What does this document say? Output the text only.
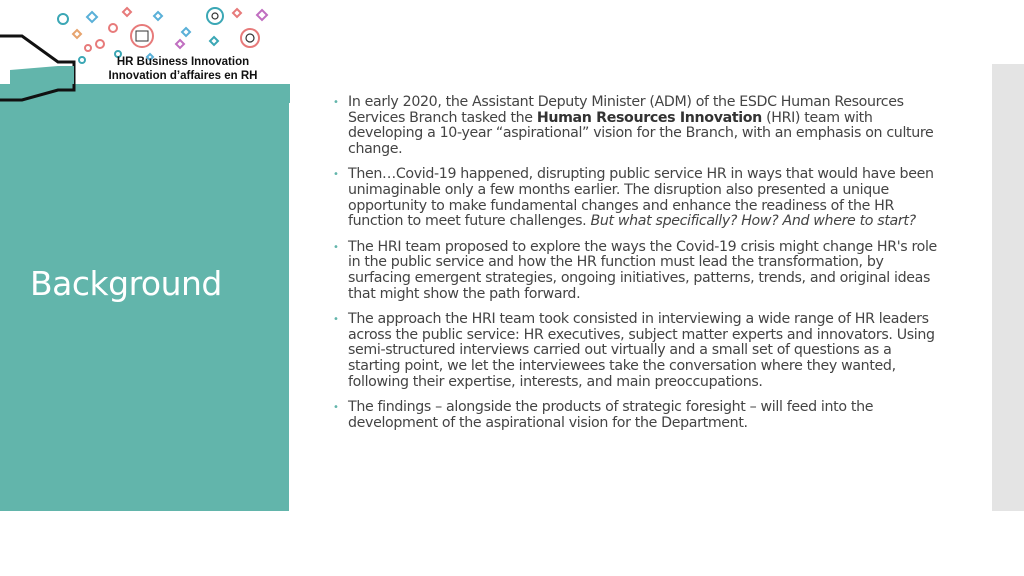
HR Business Innovation
Innovation d’affaires en RH
Background
• In early 2020, the Assistant Deputy Minister (ADM) of the ESDC Human Resources Services Branch tasked the Human Resources Innovation (HRI) team with developing a 10-year “aspirational” vision for the Branch, with an emphasis on culture change.
• Then…Covid-19 happened, disrupting public service HR in ways that would have been unimaginable only a few months earlier. The disruption also presented a unique opportunity to make fundamental changes and enhance the readiness of the HR function to meet future challenges. But what specifically? How? And where to start?
• The HRI team proposed to explore the ways the Covid-19 crisis might change HR's role in the public service and how the HR function must lead the transformation, by surfacing emergent strategies, ongoing initiatives, patterns, trends, and original ideas that might show the path forward.
• The approach the HRI team took consisted in interviewing a wide range of HR leaders across the public service: HR executives, subject matter experts and innovators. Using semi-structured interviews carried out virtually and a small set of questions as a starting point, we let the interviewees take the conversation where they wanted, following their expertise, interests, and main preoccupations.
• The findings – alongside the products of strategic foresight – will feed into the development of the aspirational vision for the Department.
